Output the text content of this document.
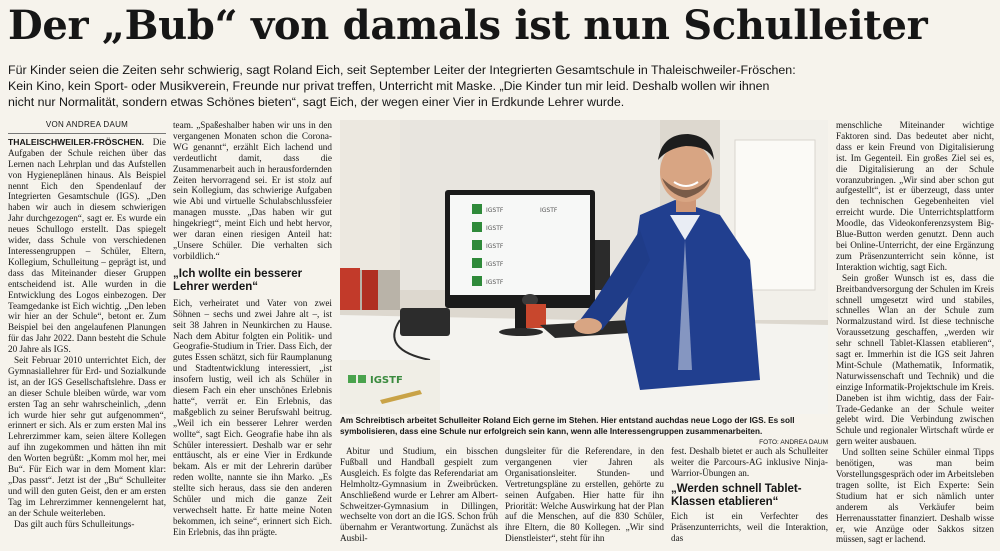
Der „Bub“ von damals ist nun Schulleiter
Für Kinder seien die Zeiten sehr schwierig, sagt Roland Eich, seit September Leiter der Integrierten Gesamtschule in Thaleischweiler-Fröschen:
Kein Kino, kein Sport- oder Musikverein, Freunde nur privat treffen, Unterricht mit Maske. „Die Kinder tun mir leid. Deshalb wollen wir ihnen
nicht nur Normalität, sondern etwas Schönes bieten“, sagt Eich, der wegen einer Vier in Erdkunde Lehrer wurde.
VON ANDREA DAUM

THALEISCHWEILER-FRÖSCHEN. Die Aufgaben der Schule reichen über das Lernen nach Lehrplan und das Aufstellen von Hygieneplänen hinaus. Als Beispiel nennt Eich den Spendenlauf der Integrierten Gesamtschule (IGS). „Den haben wir auch in diesem schwierigen Jahr durchgezogen“, sagt er. Es wurde ein neues Schullogo erstellt. Das spiegelt wider, dass Schule von verschiedenen Interessengruppen – Schüler, Eltern, Kollegium, Schulleitung – geprägt ist, und dass das Miteinander dieser Gruppen entscheidend ist. Alle wurden in die Entwicklung des Logos einbezogen. Der Teamgedanke ist Eich wichtig. „Den leben wir hier an der Schule“, betont er. Zum Beispiel bei den angelaufenen Planungen für das Jahr 2022. Dann besteht die Schule 20 Jahre als IGS.

Seit Februar 2010 unterrichtet Eich, der Gymnasiallehrer für Erd- und Sozialkunde ist, an der IGS Gesellschaftslehre. Dass er an dieser Schule bleiben würde, war vom ersten Tag an sehr wahrscheinlich, „denn ich wurde hier sehr gut aufgenommen“, erinnert er sich. Als er zum ersten Mal ins Lehrerzimmer kam, seien ältere Kollegen auf ihn zugekommen und hätten ihn mit den Worten begrüßt: „Komm mol her, mei Bu“. Für Eich war in dem Moment klar: „Das passt“. Jetzt ist der „Bu“ Schulleiter und will den guten Geist, den er am ersten Tag im Lehrerzimmer kennengelernt hat, an der Schule weiterleben.

Das gilt auch fürs Schulleitungs-

team. „Spaßeshalber haben wir uns in den vergangenen Monaten schon die Corona-WG genannt“, erzählt Eich lachend und verdeutlicht damit, dass die Zusammenarbeit auch in herausfordernden Zeiten hervorragend sei. Er ist stolz auf sein Kollegium, das schwierige Aufgaben wie Abi und virtuelle Schulabschlussfeier managen musste. „Das haben wir gut hingekriegt“, meint Eich und hebt hervor, wer daran einen riesigen Anteil hat: „Unsere Schüler. Die verhalten sich vorbildlich.“

„Ich wollte ein besserer Lehrer werden“

Eich, verheiratet und Vater von zwei Söhnen – sechs und zwei Jahre alt –, ist seit 38 Jahren in Neunkirchen zu Hause. Nach dem Abitur folgten ein Politik- und Geografie-Studium in Trier. Dass Eich, der gutes Essen schätzt, sich für Raumplanung und Stadtentwicklung interessiert, „ist insofern lustig, weil ich als Schüler in diesem Fach ein eher unschönes Erlebnis hatte“, verrät er. Ein Erlebnis, das maßgeblich zu seiner Berufswahl beitrug. „Weil ich ein besserer Lehrer werden wollte“, sagt Eich. Geografie habe ihn als Schüler interessiert. Deshalb war er sehr enttäuscht, als er eine Vier in Erdkunde bekam. Als er mit der Lehrerin darüber reden wollte, nannte sie ihn Marko. „Es stellte sich heraus, dass sie den anderen Schüler und mich die ganze Zeit verwechselt hatte. Er hatte meine Noten bekommen, ich seine“, erinnert sich Eich. Ein Erlebnis, das ihn prägte.

IGSTF
IGSTF
IGSTF
IGSTF
IGSTF
IGSTF
IGSTF
Am Schreibtisch arbeitet Schulleiter Roland Eich gerne im Stehen. Hier entstand auchdas neue Logo der IGS. Es soll symbolisieren, dass eine Schule nur erfolgreich sein kann, wenn alle Interessengruppen zusammenarbeiten.
FOTO: ANDREA DAUM

Abitur und Studium, ein bisschen Fußball und Handball gespielt zum Ausgleich. Es folgte das Referendariat am Helmholtz-Gymnasium in Zweibrücken. Anschließend wurde er Lehrer am Albert-Schweitzer-Gymnasium in Dillingen, wechselte von dort an die IGS. Schon früh übernahm er Verantwortung. Zunächst als Ausbil-

dungsleiter für die Referendare, in den vergangenen vier Jahren als Organisationsleiter. Stunden- und Vertretungspläne zu erstellen, gehörte zu seinen Aufgaben. Hier hatte für ihn Priorität: Welche Auswirkung hat der Plan auf die Menschen, auf die 830 Schüler, ihre Eltern, die 80 Kollegen. „Wir sind Dienstleister“, steht für ihn

fest. Deshalb bietet er auch als Schulleiter weiter die Parcours-AG inklusive Ninja-Warrior-Übungen an.

„Werden schnell Tablet-Klassen etablieren“

Eich ist ein Verfechter des Präsenzunterrichts, weil die Interaktion, das

menschliche Miteinander wichtige Faktoren sind. Das bedeutet aber nicht, dass er kein Freund von Digitalisierung ist. Im Gegenteil. Ein großes Ziel sei es, die Digitalisierung an der Schule voranzubringen. „Wir sind aber schon gut aufgestellt“, ist er überzeugt, dass unter den technischen Gegebenheiten viel erreicht wurde. Die Unterrichtsplattform Moodle, das Videokonferenzsystem Big-Blue-Button werden genutzt. Denn auch bei Online-Unterricht, der eine Ergänzung zum Präsenzunterricht sein könne, ist Interaktion wichtig, sagt Eich.

Sein großer Wunsch ist es, dass die Breitbandversorgung der Schulen im Kreis schnell umgesetzt wird und stabiles, schnelles Wlan an der Schule zum Normalzustand wird. Ist diese technische Voraussetzung geschaffen, „werden wir sehr schnell Tablet-Klassen etablieren“, sagt er. Immerhin ist die IGS seit Jahren Mint-Schule (Mathematik, Informatik, Naturwissenschaft und Technik) und die einzige Informatik-Projektschule im Kreis. Daneben ist ihm wichtig, dass der Fair-Trade-Gedanke an der Schule weiter gelebt wird. Die Verbindung zwischen Schule und regionaler Wirtschaft würde er gern weiter ausbauen.

Und sollten seine Schüler einmal Tipps benötigen, was man beim Vorstellungsgespräch oder im Arbeitsleben tragen sollte, ist Eich Experte: Sein Studium hat er sich nämlich unter anderem als Verkäufer beim Herrenausstatter finanziert. Deshalb wisse er, wie Anzüge oder Sakkos sitzen müssen, sagt er lachend.
